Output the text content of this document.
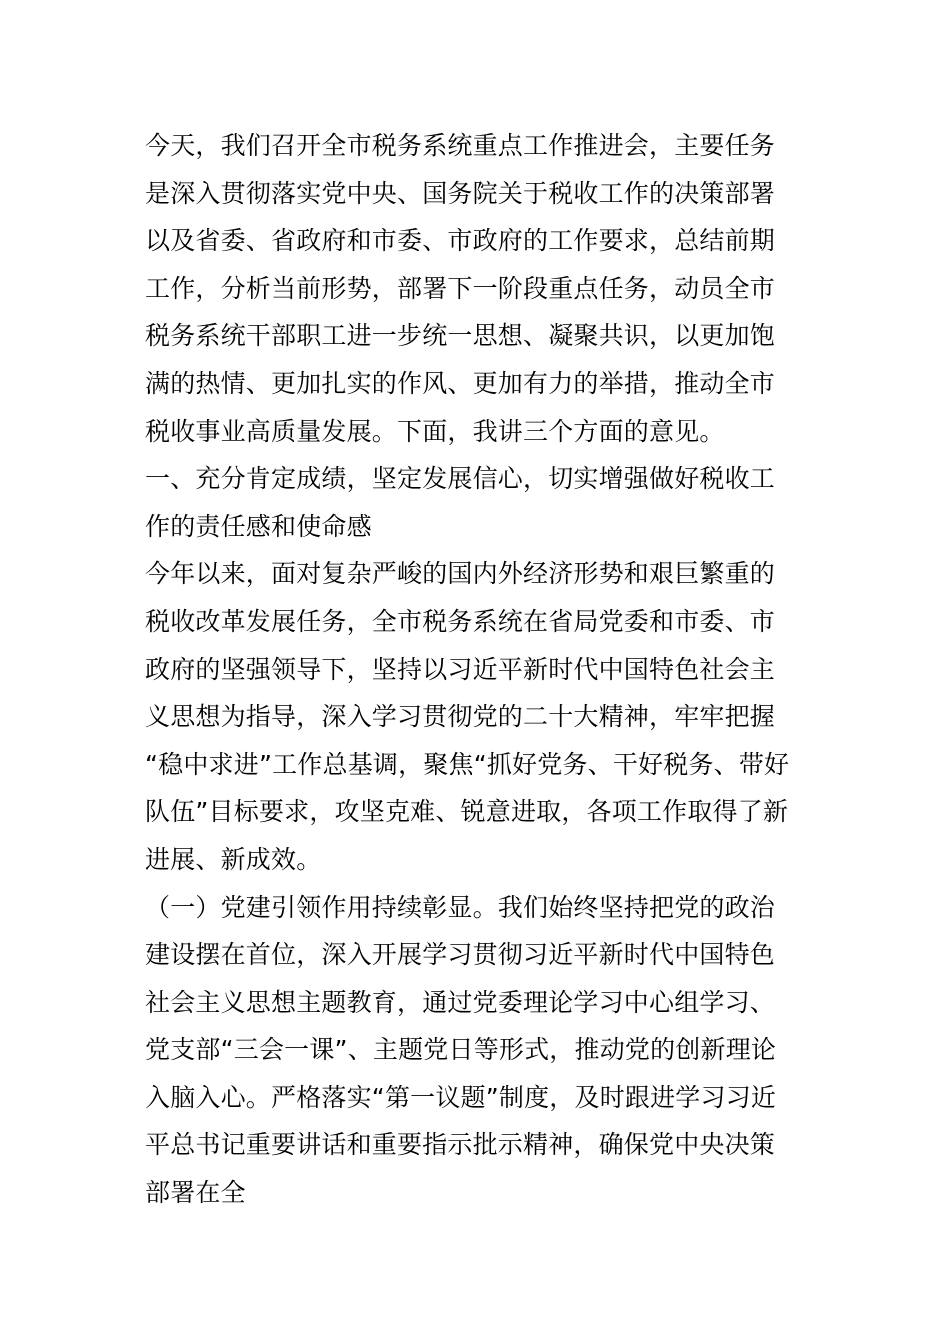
今天，我们召开全市税务系统重点工作推进会，主要任务
是深入贯彻落实党中央、国务院关于税收工作的决策部署
以及省委、省政府和市委、市政府的工作要求，总结前期
工作，分析当前形势，部署下一阶段重点任务，动员全市
税务系统干部职工进一步统一思想、凝聚共识，以更加饱
满的热情、更加扎实的作风、更加有力的举措，推动全市
税收事业高质量发展。下面，我讲三个方面的意见。
一、充分肯定成绩，坚定发展信心，切实增强做好税收工
作的责任感和使命感
今年以来，面对复杂严峻的国内外经济形势和艰巨繁重的
税收改革发展任务，全市税务系统在省局党委和市委、市
政府的坚强领导下，坚持以习近平新时代中国特色社会主
义思想为指导，深入学习贯彻党的二十大精神，牢牢把握
“稳中求进”工作总基调，聚焦“抓好党务、干好税务、带好
队伍”目标要求，攻坚克难、锐意进取，各项工作取得了新
进展、新成效。
（一）党建引领作用持续彰显。我们始终坚持把党的政治
建设摆在首位，深入开展学习贯彻习近平新时代中国特色
社会主义思想主题教育，通过党委理论学习中心组学习、
党支部“三会一课”、主题党日等形式，推动党的创新理论
入脑入心。严格落实“第一议题”制度，及时跟进学习习近
平总书记重要讲话和重要指示批示精神，确保党中央决策
部署在全
